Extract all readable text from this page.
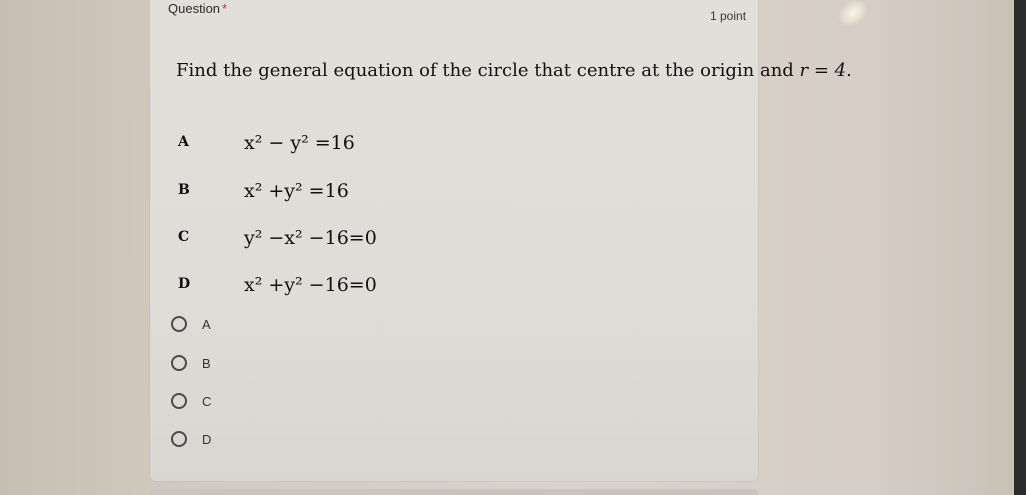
Question *	1 point
Find the general equation of the circle that centre at the origin and r = 4.
A	x² − y² =16
B	x² +y² =16
C	y² −x² −16=0
D	x² +y² −16=0
A
B
C
D
